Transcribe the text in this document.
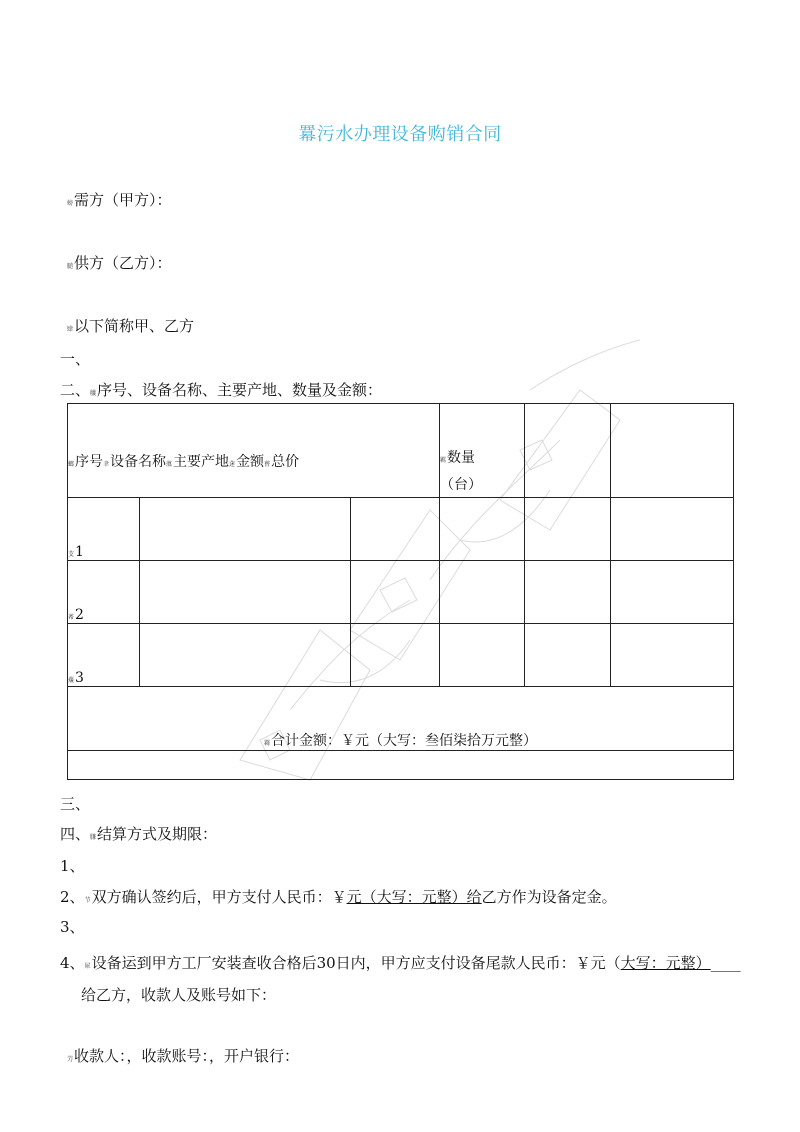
羃污水办理设备购销合同
螃需方（甲方）：
膇供方（乙方）：
肆以下简称甲、乙方
一、
二、艤序号、设备名称、主要产地、数量及金额：
螂序号聿设备名称薀主要产地蒁金额蒈总价			羁数量
（台）		
芆1					
莃2					
蕿3					
羇合计金额：￥元（大写：叁佰柒拾万元整）					

三、
四、膁结算方式及期限：
1、
2、节双方确认签约后，甲方支付人民币：￥元（大写：元整）给乙方作为设备定金。
3、
4、犀设备运到甲方工厂安装查收合格后30日内，甲方应支付设备尾款人民币：￥元（大写：元整）____
给乙方，收款人及账号如下：
芀收款人：，收款账号：，开户银行：
